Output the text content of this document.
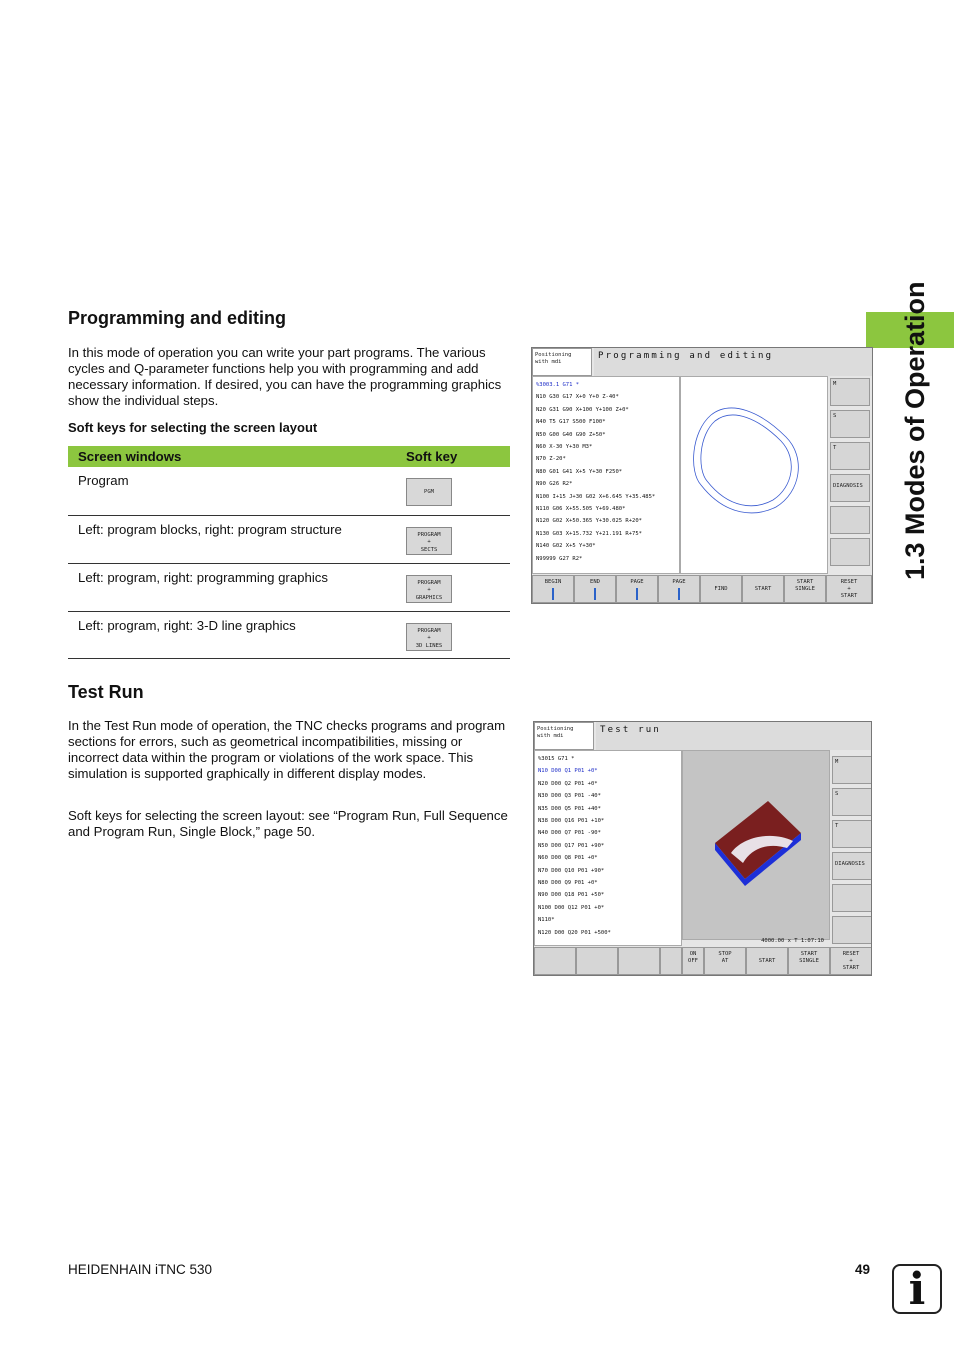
1.3 Modes of Operation
Programming and editing

In this mode of operation you can write your part programs. The various cycles and Q-parameter functions help you with programming and add necessary information. If desired, you can have the programming graphics show the individual steps.

Soft keys for selecting the screen layout

Screen windows	Soft key
Program	PGM
Left: program blocks, right: program structure	PROGRAM
+
SECTS
Left: program, right: programming graphics	PROGRAM
+
GRAPHICS
Left: program, right: 3-D line graphics	PROGRAM
+
3D LINES
Positioning
with mdi
Programming and editing
%3003.1 G71 *
N10 G30 G17 X+0 Y+0 Z-40*
N20 G31 G90 X+100 Y+100 Z+0*
N40 T5 G17 S500 F100*
N50 G00 G40 G90 Z+50*
N60 X-30 Y+30 M3*
N70 Z-20*
N80 G01 G41 X+5 Y+30 F250*
N90 G26 R2*
N100 I+15 J+30 G02 X+6.645 Y+35.485*
N110 G06 X+55.505 Y+69.480*
N120 G02 X+50.365 Y+30.025 R+20*
N130 G03 X+15.732 Y+21.191 R+75*
N140 G02 X+5 Y+30*
N99999 G27 R2*
M
S
T
DIAGNOSIS
BEGIN	END	PAGE	PAGE
FIND	START
START
SINGLE
RESET
+
START
Test Run

In the Test Run mode of operation, the TNC checks programs and program sections for errors, such as geometrical incompatibilities, missing or incorrect data within the program or violations of the work space. This simulation is supported graphically in different display modes.

Soft keys for selecting the screen layout: see “Program Run, Full Sequence and Program Run, Single Block,” page 50.

Positioning
with mdi
Test run
%3015 G71 *
N10 D00 Q1 P01 +0*
N20 D00 Q2 P01 +0*
N30 D00 Q3 P01 -40*
N35 D00 Q5 P01 +40*
N38 D00 Q16 P01 +10*
N40 D00 Q7 P01 -90*
N50 D00 Q17 P01 +90*
N60 D00 Q8 P01 +0*
N70 D00 Q10 P01 +90*
N80 D00 Q9 P01 +0*
N90 D00 Q18 P01 +50*
N100 D00 Q12 P01 +0*
N110*
N120 D00 Q20 P01 +500*
4000.00 x T 1:07:10
M
S
T
DIAGNOSIS
ON
OFF
STOP
AT	START
START
SINGLE
RESET
+
START
HEIDENHAIN iTNC 530	49 i
